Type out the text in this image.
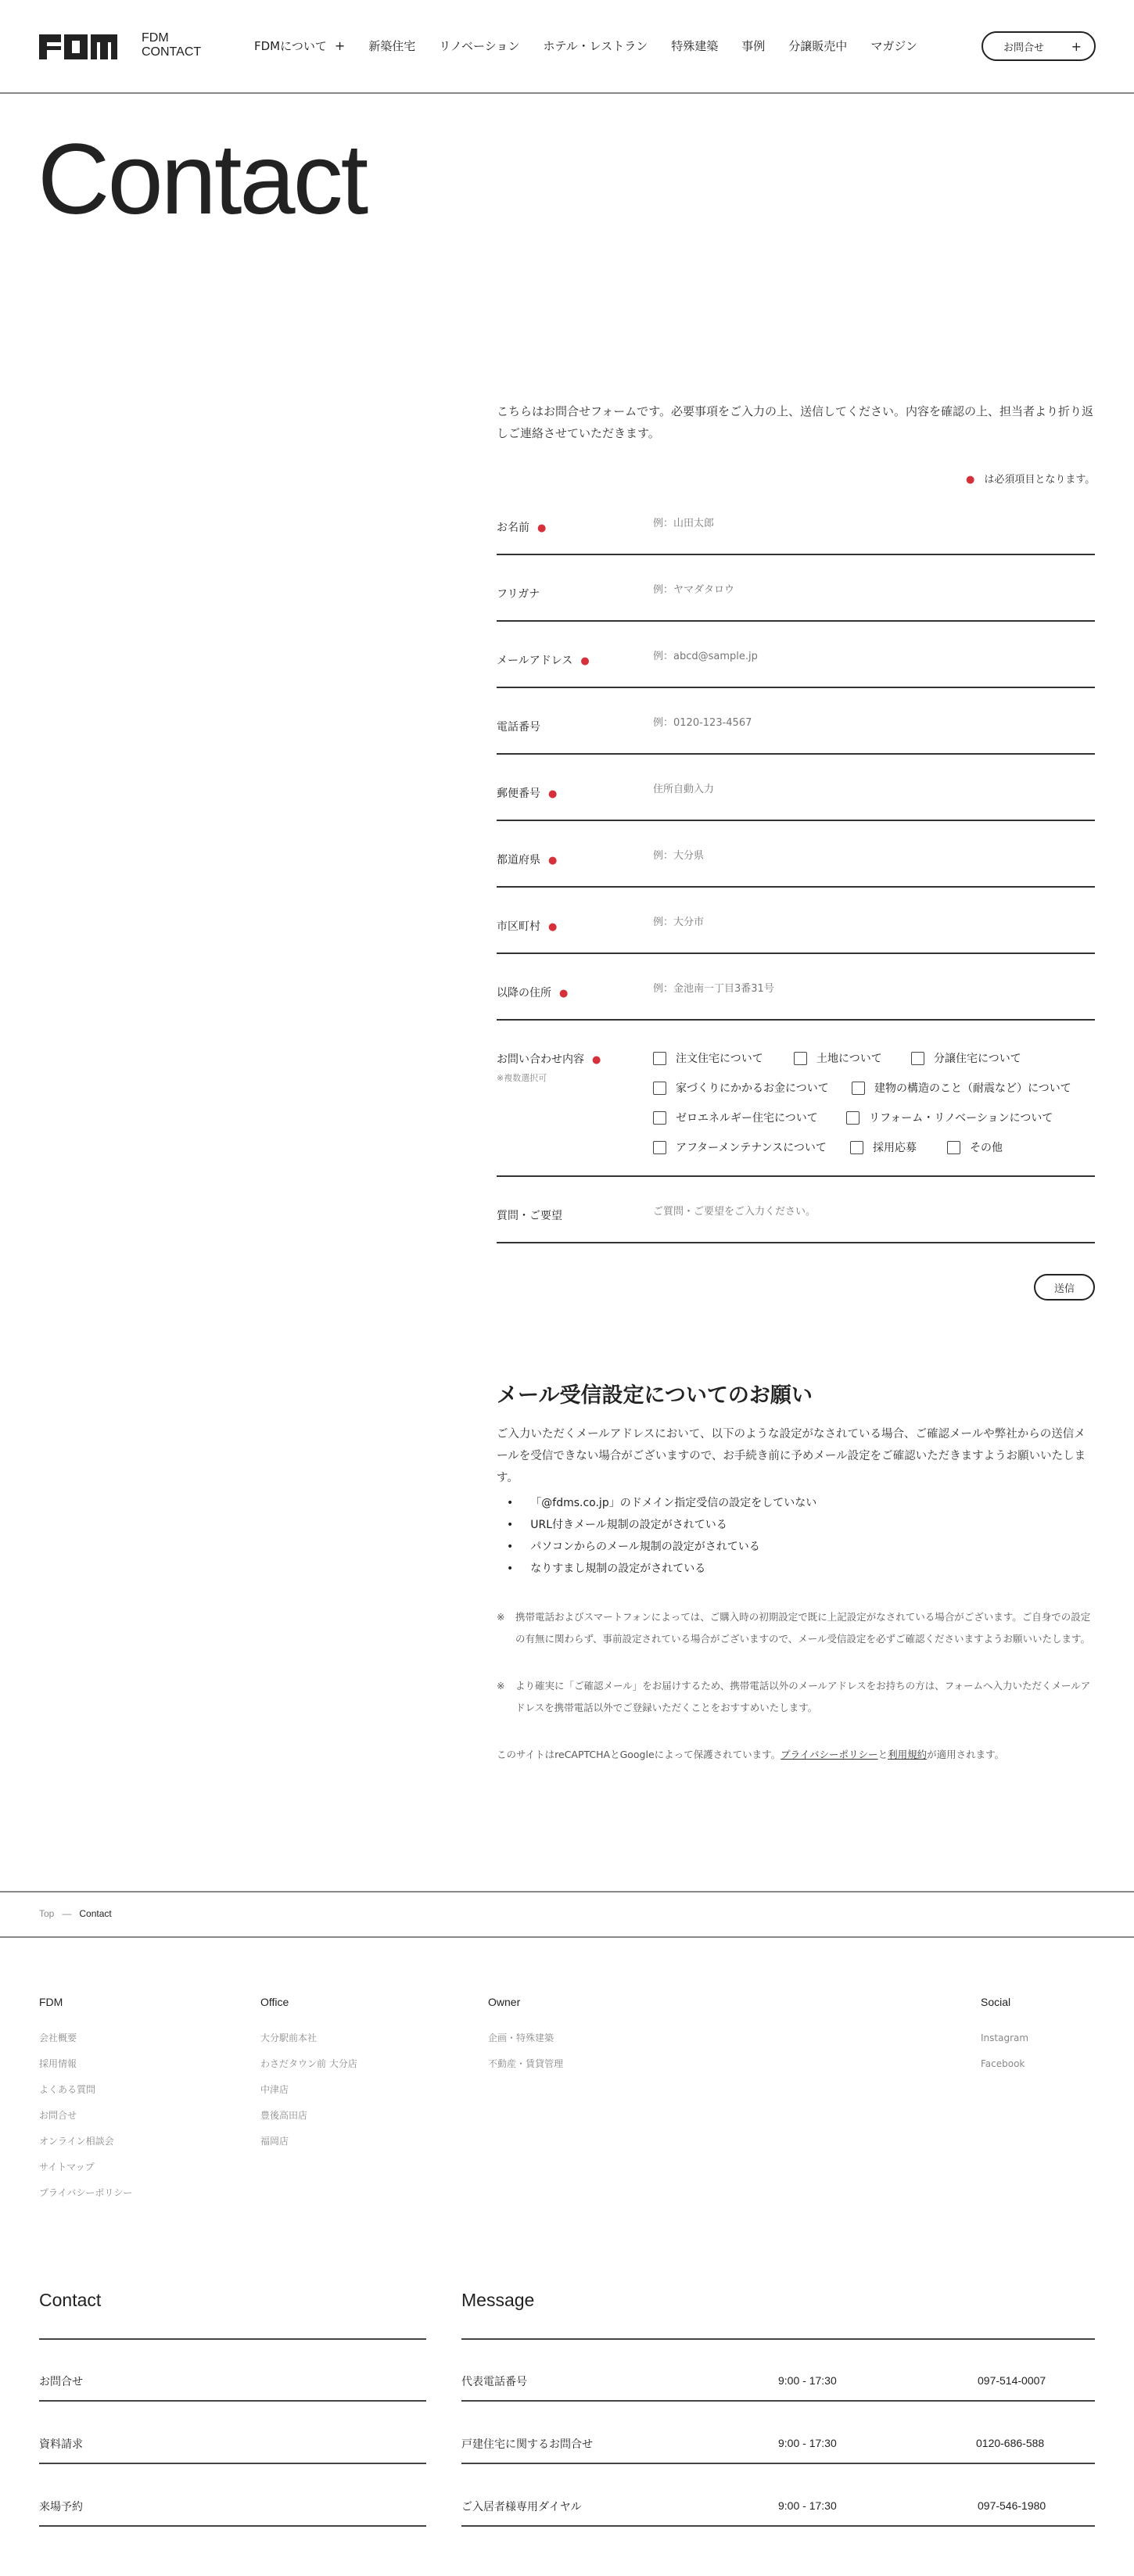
FDM
CONTACT	FDMについて + 新築住宅 リノベーション ホテル・レストラン 特殊建築 事例 分譲販売中 マガジン	お問合せ +
Contact

こちらはお問合せフォームです。必要事項をご入力の上、送信してください。内容を確認の上、担当者より折り返しご連絡させていただきます。

● は必須項目となります。
お名前 ●
例：山田太郎
フリガナ
例：ヤマダタロウ
メールアドレス ●
例：abcd@sample.jp
電話番号
例：0120-123-4567
郵便番号 ●
住所自動入力
都道府県 ●
例：大分県
市区町村 ●
例：大分市
以降の住所 ●
例：金池南一丁目3番31号
お問い合わせ内容 ●
※複数選択可
注文住宅について	土地について	分譲住宅について
家づくりにかかるお金について	建物の構造のこと（耐震など）について
ゼロエネルギー住宅について	リフォーム・リノベーションについて
アフターメンテナンスについて	採用応募	その他
質問・ご要望
ご質問・ご要望をご入力ください。
送信
メール受信設定についてのお願い

ご入力いただくメールアドレスにおいて、以下のような設定がなされている場合、ご確認メールや弊社からの送信メールを受信できない場合がございますので、お手続き前に予めメール設定をご確認いただきますようお願いいたします。

• 「@fdms.co.jp」のドメイン指定受信の設定をしていない
• URL付きメール規制の設定がされている
• パソコンからのメール規制の設定がされている
• なりすまし規制の設定がされている
※ 携帯電話およびスマートフォンによっては、ご購入時の初期設定で既に上記設定がなされている場合がございます。ご自身での設定の有無に関わらず、事前設定されている場合がございますので、メール受信設定を必ずご確認くださいますようお願いいたします。
※ より確実に「ご確認メール」をお届けするため、携帯電話以外のメールアドレスをお持ちの方は、フォームへ入力いただくメールアドレスを携帯電話以外でご登録いただくことをおすすめいたします。
このサイトはreCAPTCHAとGoogleによって保護されています。プライバシーポリシーと利用規約が適用されます。
Top — Contact
FDM
会社概要
採用情報
よくある質問
お問合せ
オンライン相談会
サイトマップ
プライバシーポリシー
Office
大分駅前本社
わさだタウン前 大分店
中津店
豊後高田店
福岡店
Owner
企画・特殊建築
不動産・賃貸管理
Social
Instagram
Facebook
Contact
お問合せ
資料請求
来場予約
Message
代表電話番号	9:00 - 17:30	097-514-0007
戸建住宅に関するお問合せ	9:00 - 17:30	0120-686-588
ご入居者様専用ダイヤル	9:00 - 17:30	097-546-1980
